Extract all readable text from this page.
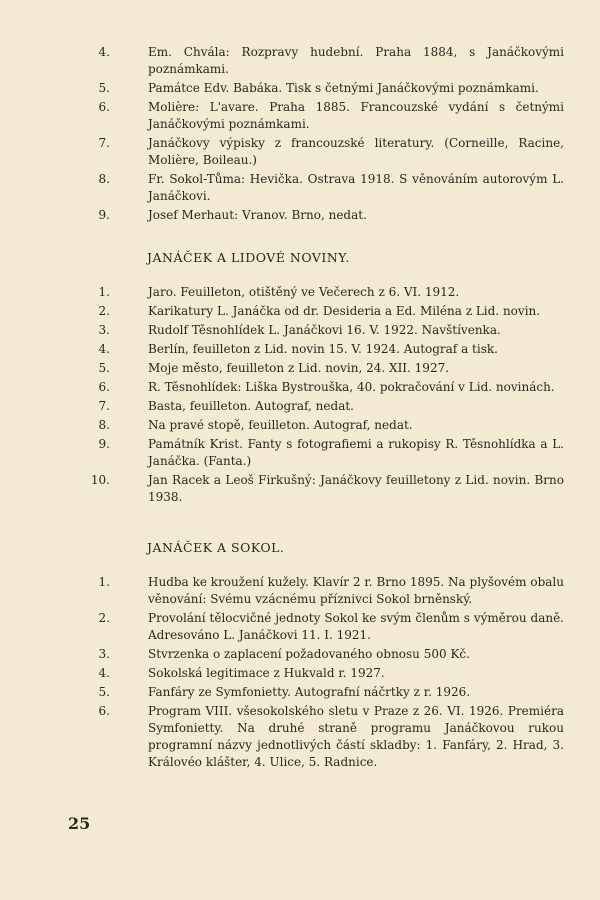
4.	Em. Chvála: Rozpravy hudební. Praha 1884, s Janáčkovými poznámkami.
5.	Památce Edv. Babáka. Tisk s četnými Janáčkovými poznámkami.
6.	Molière: L'avare. Praha 1885. Francouzské vydání s četnými Janáčkovými poznámkami.
7.	Janáčkovy výpisky z francouzské literatury. (Corneille, Racine, Molière, Boileau.)
8.	Fr. Sokol-Tůma: Hevička. Ostrava 1918. S věnováním autorovým L. Janáčkovi.
9.	Josef Merhaut: Vranov. Brno, nedat.
JANÁČEK A LIDOVÉ NOVINY.
1.	Jaro. Feuilleton, otištěný ve Večerech z 6. VI. 1912.
2.	Karikatury L. Janáčka od dr. Desideria a Ed. Miléna z Lid. novin.
3.	Rudolf Těsnohlídek L. Janáčkovi 16. V. 1922. Navštívenka.
4.	Berlín, feuilleton z Lid. novin 15. V. 1924. Autograf a tisk.
5.	Moje město, feuilleton z Lid. novin, 24. XII. 1927.
6.	R. Těsnohlídek: Liška Bystrouška, 40. pokračování v Lid. novinách.
7.	Basta, feuilleton. Autograf, nedat.
8.	Na pravé stopě, feuilleton. Autograf, nedat.
9.	Památník Krist. Fanty s fotografiemi a rukopisy R. Těsnohlídka a L. Janáčka. (Fanta.)
10.	Jan Racek a Leoš Firkušný: Janáčkovy feuilletony z Lid. novin. Brno 1938.
JANÁČEK A SOKOL.
1.	Hudba ke kroužení kužely. Klavír 2 r. Brno 1895. Na plyšovém obalu věnování: Svému vzácnému příznivci Sokol brněnský.
2.	Provolání tělocvičné jednoty Sokol ke svým členům s výměrou daně. Adresováno L. Janáčkovi 11. I. 1921.
3.	Stvrzenka o zaplacení požadovaného obnosu 500 Kč.
4.	Sokolská legitimace z Hukvald r. 1927.
5.	Fanfáry ze Symfonietty. Autografní náčrtky z r. 1926.
6.	Program VIII. všesokolského sletu v Praze z 26. VI. 1926. Premiéra Symfonietty. Na druhé straně programu Janáčkovou rukou programní názvy jednotlivých částí skladby: 1. Fanfáry, 2. Hrad, 3. Královéo klášter, 4. Ulice, 5. Radnice.
25
